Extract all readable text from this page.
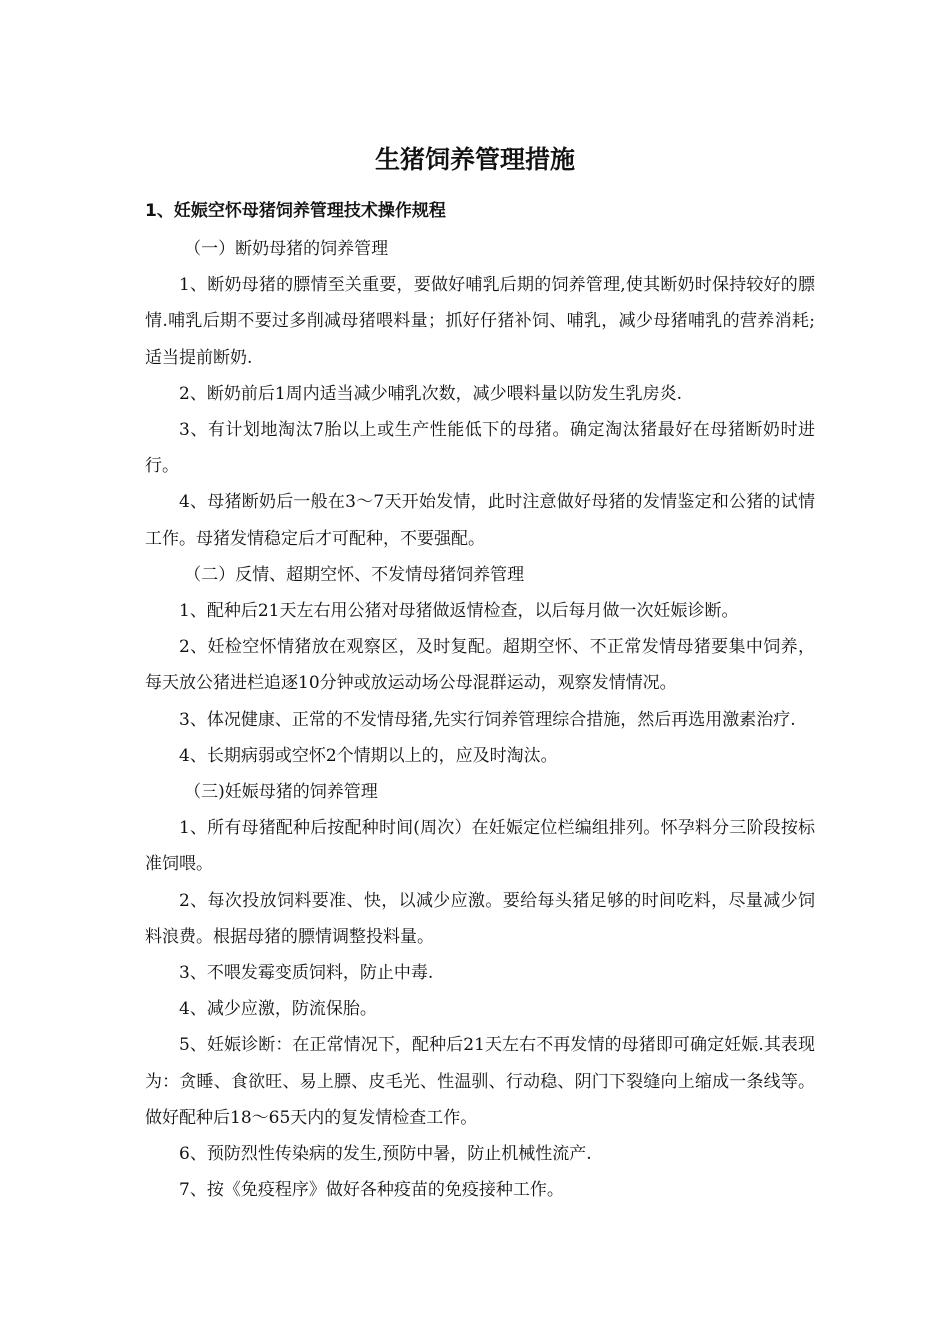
生猪饲养管理措施
1、妊娠空怀母猪饲养管理技术操作规程

（一）断奶母猪的饲养管理

1、断奶母猪的膘情至关重要，要做好哺乳后期的饲养管理,使其断奶时保持较好的膘情.哺乳后期不要过多削减母猪喂料量；抓好仔猪补饲、哺乳，减少母猪哺乳的营养消耗;适当提前断奶.

2、断奶前后1周内适当减少哺乳次数，减少喂料量以防发生乳房炎.

3、有计划地淘汰7胎以上或生产性能低下的母猪。确定淘汰猪最好在母猪断奶时进行。

4、母猪断奶后一般在3～7天开始发情，此时注意做好母猪的发情鉴定和公猪的试情工作。母猪发情稳定后才可配种，不要强配。

（二）反情、超期空怀、不发情母猪饲养管理

1、配种后21天左右用公猪对母猪做返情检查，以后每月做一次妊娠诊断。

2、妊检空怀情猪放在观察区，及时复配。超期空怀、不正常发情母猪要集中饲养，每天放公猪进栏追逐10分钟或放运动场公母混群运动，观察发情情况。

3、体况健康、正常的不发情母猪,先实行饲养管理综合措施，然后再选用激素治疗.

4、长期病弱或空怀2个情期以上的，应及时淘汰。

（三)妊娠母猪的饲养管理

1、所有母猪配种后按配种时间(周次）在妊娠定位栏编组排列。怀孕料分三阶段按标准饲喂。

2、每次投放饲料要准、快，以减少应激。要给每头猪足够的时间吃料，尽量减少饲料浪费。根据母猪的膘情调整投料量。

3、不喂发霉变质饲料，防止中毒.

4、减少应激，防流保胎。

5、妊娠诊断：在正常情况下，配种后21天左右不再发情的母猪即可确定妊娠.其表现为：贪睡、食欲旺、易上膘、皮毛光、性温驯、行动稳、阴门下裂缝向上缩成一条线等。做好配种后18～65天内的复发情检查工作。

6、预防烈性传染病的发生,预防中暑，防止机械性流产.

7、按《免疫程序》做好各种疫苗的免疫接种工作。
